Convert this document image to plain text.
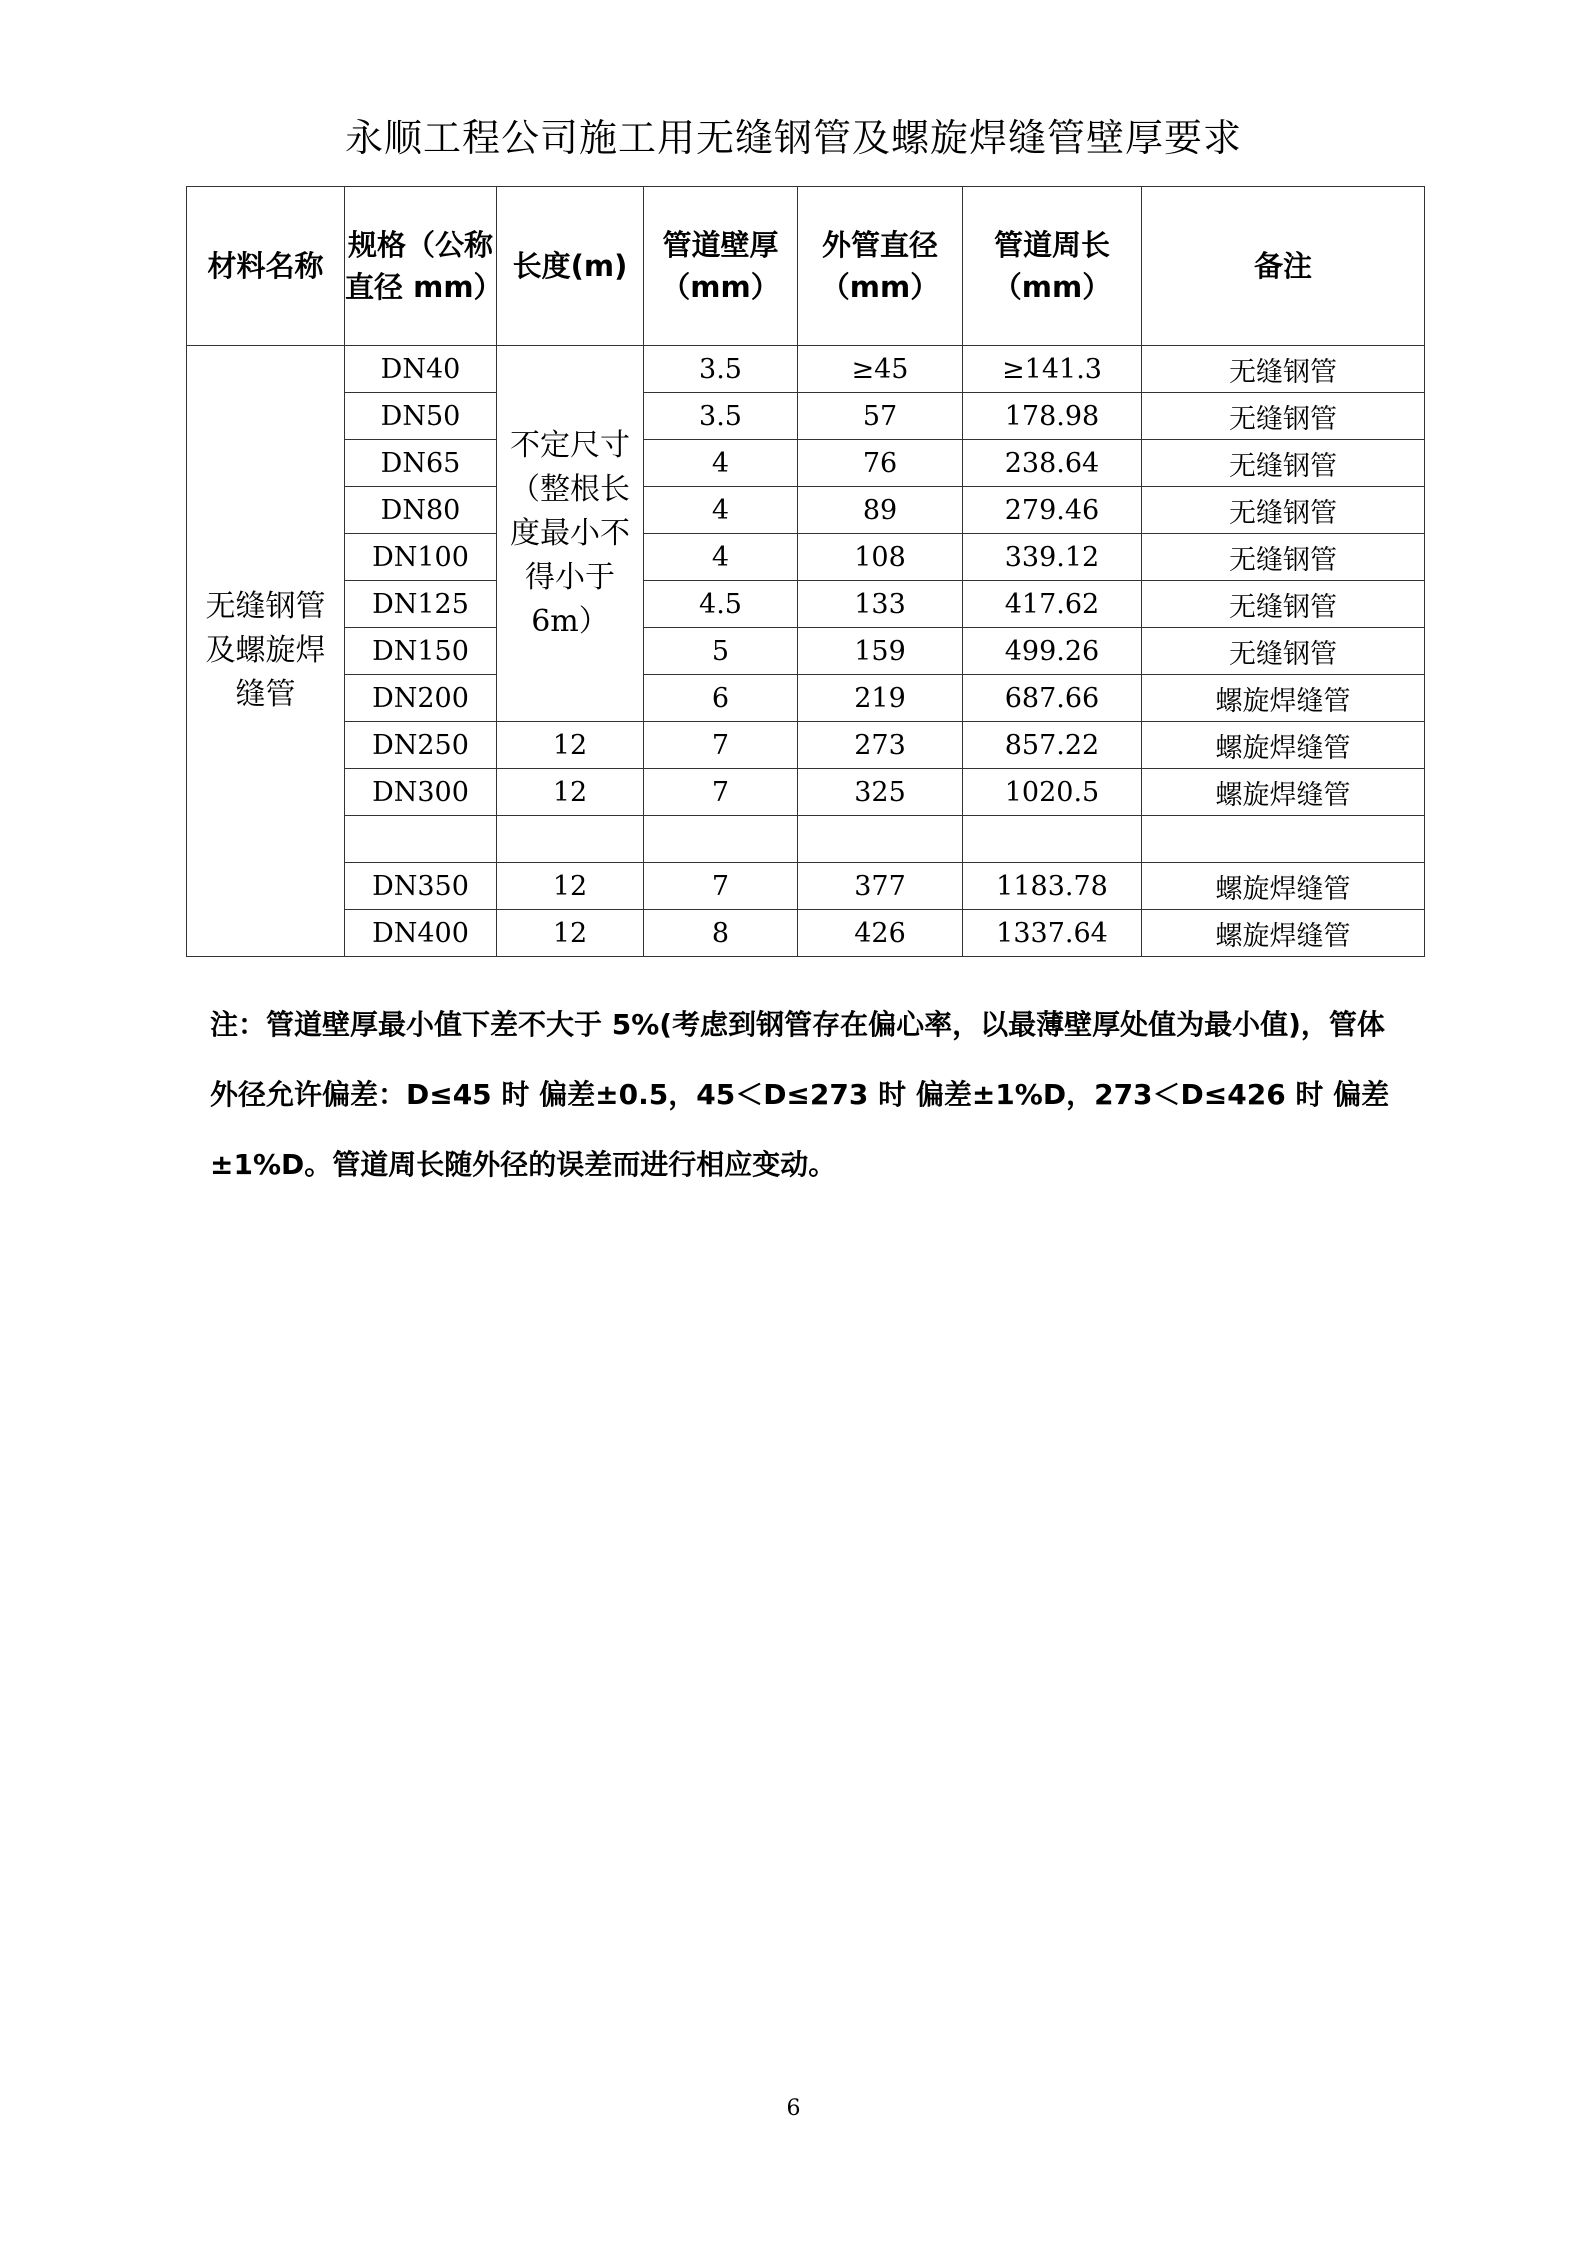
永顺工程公司施工用无缝钢管及螺旋焊缝管壁厚要求
材料名称	规格（公称直径 mm）	长度(m)	管道壁厚（mm）	外管直径（mm）	管道周长（mm）	备注
无缝钢管及螺旋焊缝管	DN40	不定尺寸（整根长度最小不得小于6m）	3.5	≥45	≥141.3	无缝钢管
	DN50		3.5	57	178.98	无缝钢管
	DN65		4	76	238.64	无缝钢管
	DN80		4	89	279.46	无缝钢管
	DN100		4	108	339.12	无缝钢管
	DN125		4.5	133	417.62	无缝钢管
	DN150		5	159	499.26	无缝钢管
	DN200		6	219	687.66	螺旋焊缝管
	DN250	12	7	273	857.22	螺旋焊缝管
	DN300	12	7	325	1020.5	螺旋焊缝管

	DN350	12	7	377	1183.78	螺旋焊缝管
	DN400	12	8	426	1337.64	螺旋焊缝管
注：管道壁厚最小值下差不大于 5%(考虑到钢管存在偏心率，以最薄壁厚处值为最小值)，管体外径允许偏差：D≤45 时 偏差±0.5，45＜D≤273 时 偏差±1%D，273＜D≤426 时 偏差±1%D。管道周长随外径的误差而进行相应变动。
6
